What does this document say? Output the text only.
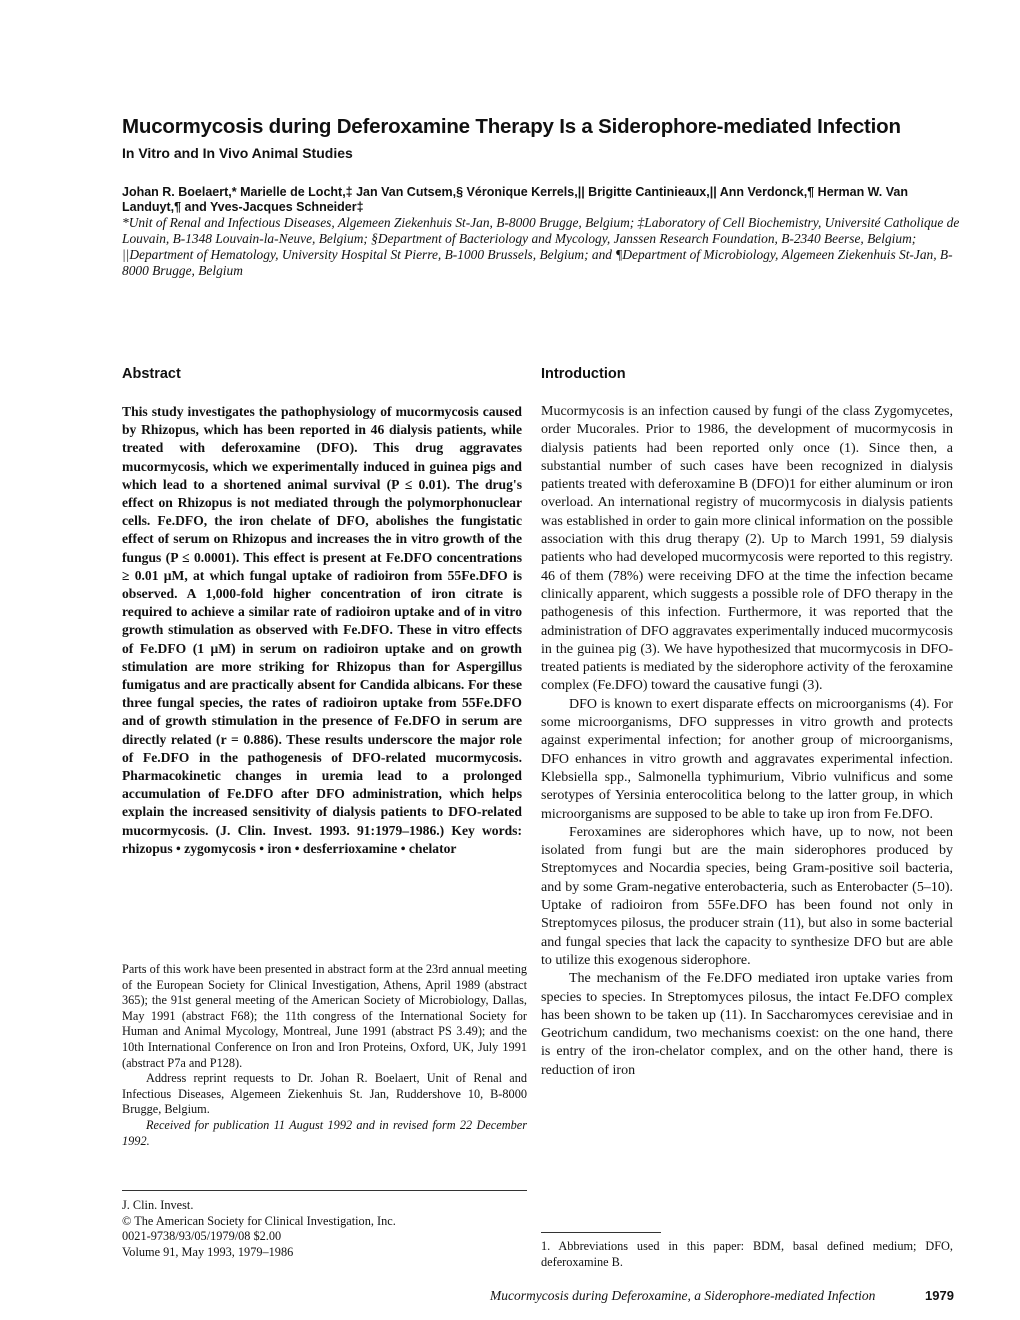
Mucormycosis during Deferoxamine Therapy Is a Siderophore-mediated Infection
In Vitro and In Vivo Animal Studies

Johan R. Boelaert,* Marielle de Locht,‡ Jan Van Cutsem,§ Véronique Kerrels,|| Brigitte Cantinieaux,|| Ann Verdonck,¶ Herman W. Van Landuyt,¶ and Yves-Jacques Schneider‡

*Unit of Renal and Infectious Diseases, Algemeen Ziekenhuis St-Jan, B-8000 Brugge, Belgium; ‡Laboratory of Cell Biochemistry, Université Catholique de Louvain, B-1348 Louvain-la-Neuve, Belgium; §Department of Bacteriology and Mycology, Janssen Research Foundation, B-2340 Beerse, Belgium; ||Department of Hematology, University Hospital St Pierre, B-1000 Brussels, Belgium; and ¶Department of Microbiology, Algemeen Ziekenhuis St-Jan, B-8000 Brugge, Belgium

Abstract	Introduction

This study investigates the pathophysiology of mucormycosis caused by Rhizopus, which has been reported in 46 dialysis patients, while treated with deferoxamine (DFO). This drug aggravates mucormycosis, which we experimentally induced in guinea pigs and which lead to a shortened animal survival (P ≤ 0.01). The drug's effect on Rhizopus is not mediated through the polymorphonuclear cells. Fe.DFO, the iron chelate of DFO, abolishes the fungistatic effect of serum on Rhizopus and increases the in vitro growth of the fungus (P ≤ 0.0001). This effect is present at Fe.DFO concentrations ≥ 0.01 μM, at which fungal uptake of radioiron from 55Fe.DFO is observed. A 1,000-fold higher concentration of iron citrate is required to achieve a similar rate of radioiron uptake and of in vitro growth stimulation as observed with Fe.DFO. These in vitro effects of Fe.DFO (1 μM) in serum on radioiron uptake and on growth stimulation are more striking for Rhizopus than for Aspergillus fumigatus and are practically absent for Candida albicans. For these three fungal species, the rates of radioiron uptake from 55Fe.DFO and of growth stimulation in the presence of Fe.DFO in serum are directly related (r = 0.886). These results underscore the major role of Fe.DFO in the pathogenesis of DFO-related mucormycosis. Pharmacokinetic changes in uremia lead to a prolonged accumulation of Fe.DFO after DFO administration, which helps explain the increased sensitivity of dialysis patients to DFO-related mucormycosis. (J. Clin. Invest. 1993. 91:1979–1986.) Key words: rhizopus • zygomycosis • iron • desferrioxamine • chelator

Parts of this work have been presented in abstract form at the 23rd annual meeting of the European Society for Clinical Investigation, Athens, April 1989 (abstract 365); the 91st general meeting of the American Society of Microbiology, Dallas, May 1991 (abstract F68); the 11th congress of the International Society for Human and Animal Mycology, Montreal, June 1991 (abstract PS 3.49); and the 10th International Conference on Iron and Iron Proteins, Oxford, UK, July 1991 (abstract P7a and P128).

Address reprint requests to Dr. Johan R. Boelaert, Unit of Renal and Infectious Diseases, Algemeen Ziekenhuis St. Jan, Ruddershove 10, B-8000 Brugge, Belgium.

Received for publication 11 August 1992 and in revised form 22 December 1992.

J. Clin. Invest.
© The American Society for Clinical Investigation, Inc.
0021-9738/93/05/1979/08 $2.00
Volume 91, May 1993, 1979–1986

Mucormycosis is an infection caused by fungi of the class Zygomycetes, order Mucorales. Prior to 1986, the development of mucormycosis in dialysis patients had been reported only once (1). Since then, a substantial number of such cases have been recognized in dialysis patients treated with deferoxamine B (DFO)1 for either aluminum or iron overload. An international registry of mucormycosis in dialysis patients was established in order to gain more clinical information on the possible association with this drug therapy (2). Up to March 1991, 59 dialysis patients who had developed mucormycosis were reported to this registry. 46 of them (78%) were receiving DFO at the time the infection became clinically apparent, which suggests a possible role of DFO therapy in the pathogenesis of this infection. Furthermore, it was reported that the administration of DFO aggravates experimentally induced mucormycosis in the guinea pig (3). We have hypothesized that mucormycosis in DFO-treated patients is mediated by the siderophore activity of the feroxamine complex (Fe.DFO) toward the causative fungi (3).

DFO is known to exert disparate effects on microorganisms (4). For some microorganisms, DFO suppresses in vitro growth and protects against experimental infection; for another group of microorganisms, DFO enhances in vitro growth and aggravates experimental infection. Klebsiella spp., Salmonella typhimurium, Vibrio vulnificus and some serotypes of Yersinia enterocolitica belong to the latter group, in which microorganisms are supposed to be able to take up iron from Fe.DFO.

Feroxamines are siderophores which have, up to now, not been isolated from fungi but are the main siderophores produced by Streptomyces and Nocardia species, being Gram-positive soil bacteria, and by some Gram-negative enterobacteria, such as Enterobacter (5–10). Uptake of radioiron from 55Fe.DFO has been found not only in Streptomyces pilosus, the producer strain (11), but also in some bacterial and fungal species that lack the capacity to synthesize DFO but are able to utilize this exogenous siderophore.

The mechanism of the Fe.DFO mediated iron uptake varies from species to species. In Streptomyces pilosus, the intact Fe.DFO complex has been shown to be taken up (11). In Saccharomyces cerevisiae and in Geotrichum candidum, two mechanisms coexist: on the one hand, there is entry of the iron-chelator complex, and on the other hand, there is reduction of iron

1. Abbreviations used in this paper: BDM, basal defined medium; DFO, deferoxamine B.

Mucormycosis during Deferoxamine, a Siderophore-mediated Infection	1979
